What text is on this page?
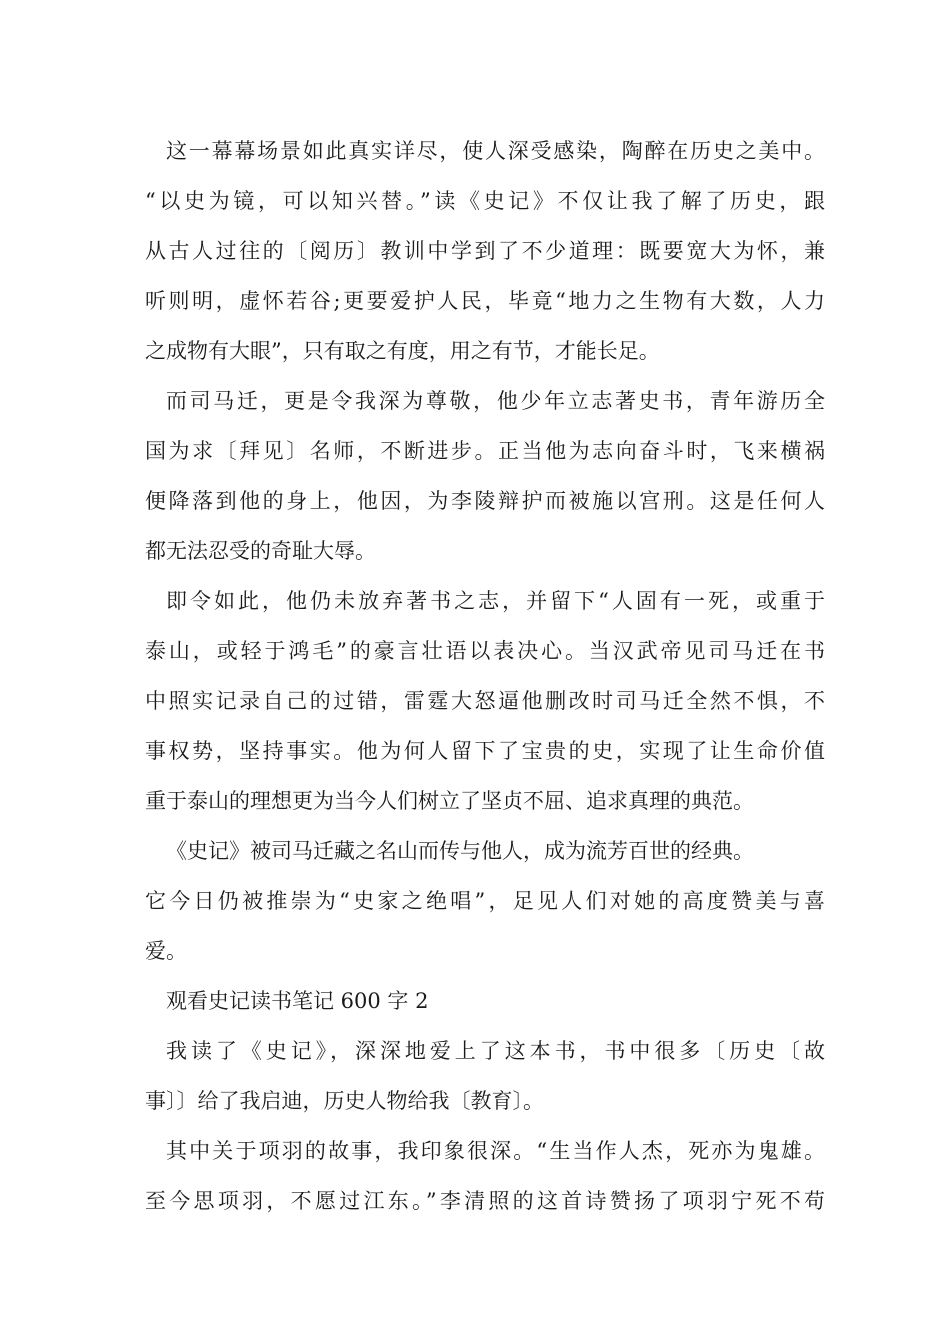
这一幕幕场景如此真实详尽，使人深受感染，陶醉在历史之美中。
“以史为镜，可以知兴替。”读《史记》不仅让我了解了历史，跟
从古人过往的〔阅历〕教训中学到了不少道理：既要宽大为怀，兼
听则明，虚怀若谷;更要爱护人民，毕竟“地力之生物有大数，人力
之成物有大眼”，只有取之有度，用之有节，才能长足。
而司马迁，更是令我深为尊敬，他少年立志著史书，青年游历全
国为求〔拜见〕名师，不断进步。正当他为志向奋斗时，飞来横祸
便降落到他的身上，他因，为李陵辩护而被施以宫刑。这是任何人
都无法忍受的奇耻大辱。
即令如此，他仍未放弃著书之志，并留下“人固有一死，或重于
泰山，或轻于鸿毛”的豪言壮语以表决心。当汉武帝见司马迁在书
中照实记录自己的过错，雷霆大怒逼他删改时司马迁全然不惧，不
事权势，坚持事实。他为何人留下了宝贵的史，实现了让生命价值
重于泰山的理想更为当今人们树立了坚贞不屈、追求真理的典范。
《史记》被司马迁藏之名山而传与他人，成为流芳百世的经典。
它今日仍被推崇为“史家之绝唱”，足见人们对她的高度赞美与喜
爱。
观看史记读书笔记 600 字 2
我读了《史记》，深深地爱上了这本书，书中很多〔历史〔故
事〕〕给了我启迪，历史人物给我〔教育〕。
其中关于项羽的故事，我印象很深。“生当作人杰，死亦为鬼雄。
至今思项羽，不愿过江东。”李清照的这首诗赞扬了项羽宁死不苟
